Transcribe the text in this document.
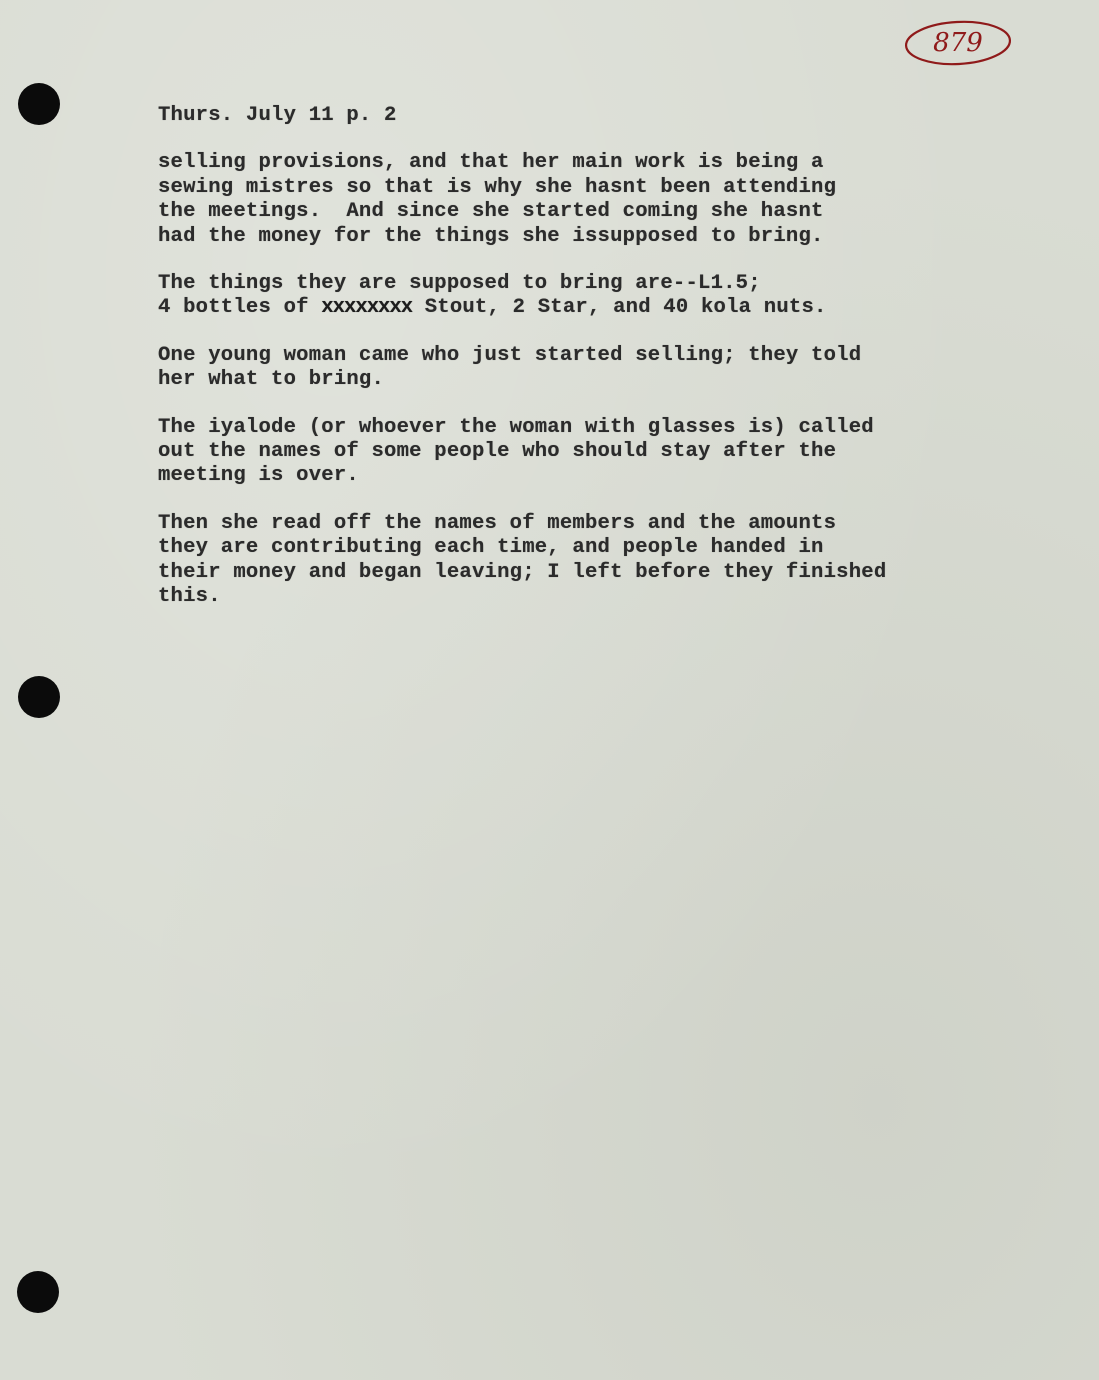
879
Thurs. July 11 p. 2
selling provisions, and that her main work is being a
sewing mistres so that is why she hasnt been attending
the meetings.  And since she started coming she hasnt
had the money for the things she issupposed to bring.
The things they are supposed to bring are--L1.5;
4 bottles of xxxxxxxx Stout, 2 Star, and 40 kola nuts.
One young woman came who just started selling; they told
her what to bring.
The iyalode (or whoever the woman with glasses is) called
out the names of some people who should stay after the
meeting is over.
Then she read off the names of members and the amounts
they are contributing each time, and people handed in
their money and began leaving; I left before they finished
this.
